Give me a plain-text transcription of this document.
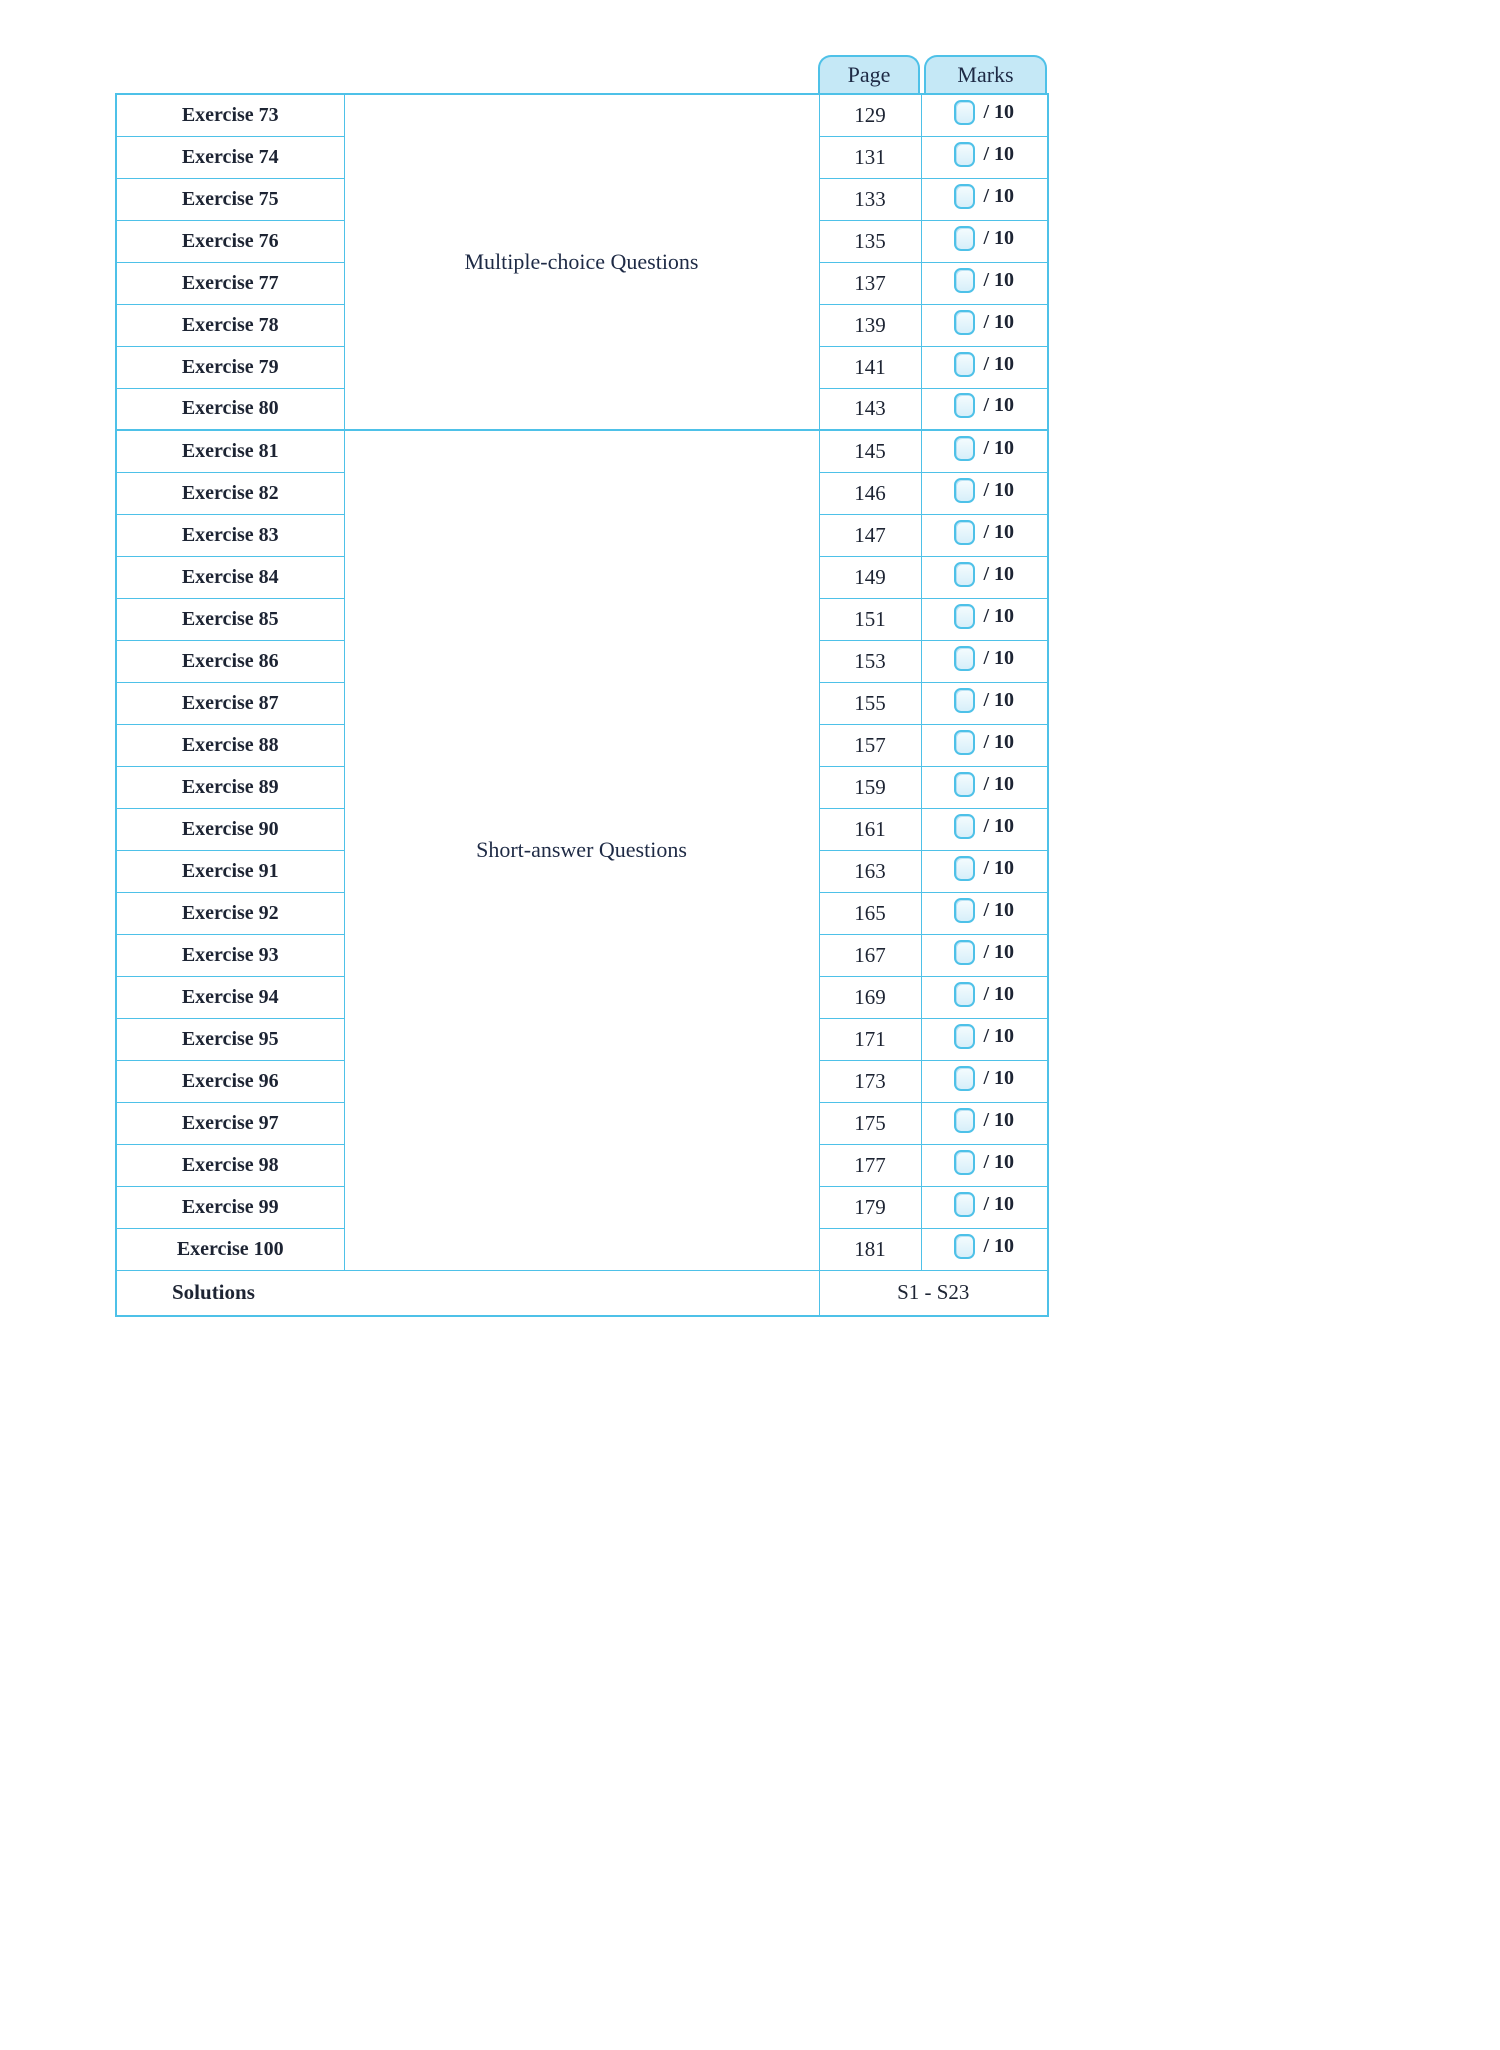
Page	Marks
Exercise 73	Multiple-choice Questions	129	/ 10

Exercise 74		131	/ 10

Exercise 75		133	/ 10

Exercise 76		135	/ 10

Exercise 77		137	/ 10

Exercise 78		139	/ 10

Exercise 79		141	/ 10

Exercise 80		143	/ 10

Exercise 81	Short-answer Questions	145	/ 10

Exercise 82		146	/ 10

Exercise 83		147	/ 10

Exercise 84		149	/ 10

Exercise 85		151	/ 10

Exercise 86		153	/ 10

Exercise 87		155	/ 10

Exercise 88		157	/ 10

Exercise 89		159	/ 10

Exercise 90		161	/ 10

Exercise 91		163	/ 10

Exercise 92		165	/ 10

Exercise 93		167	/ 10

Exercise 94		169	/ 10

Exercise 95		171	/ 10

Exercise 96		173	/ 10

Exercise 97		175	/ 10

Exercise 98		177	/ 10

Exercise 99		179	/ 10

Exercise 100		181	/ 10

Solutions		S1 - S23	
